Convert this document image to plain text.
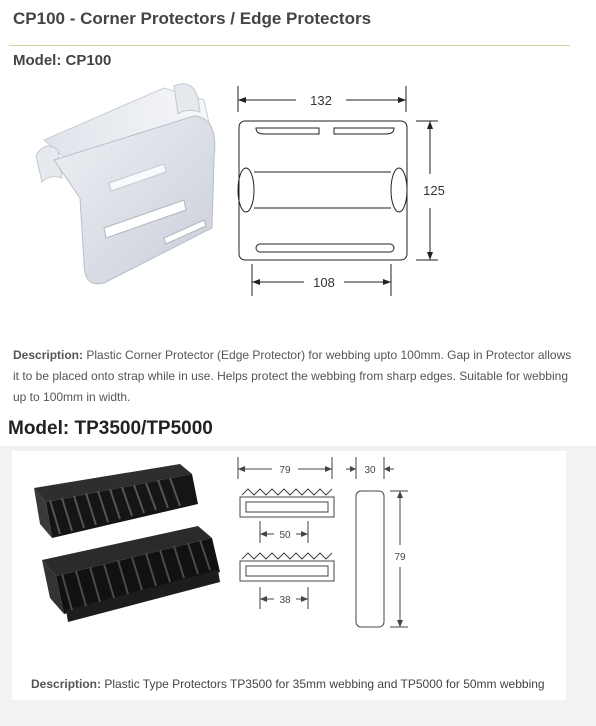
CP100 - Corner Protectors / Edge Protectors
Model: CP100
132
125
108
Description: Plastic Corner Protector (Edge Protector) for webbing upto 100mm. Gap in Protector allows it to be placed onto strap while in use. Helps protect the webbing from sharp edges. Suitable for webbing up to 100mm in width.
Model: TP3500/TP5000
79	30
50
38
79
Description: Plastic Type Protectors TP3500 for 35mm webbing and TP5000 for 50mm webbing
